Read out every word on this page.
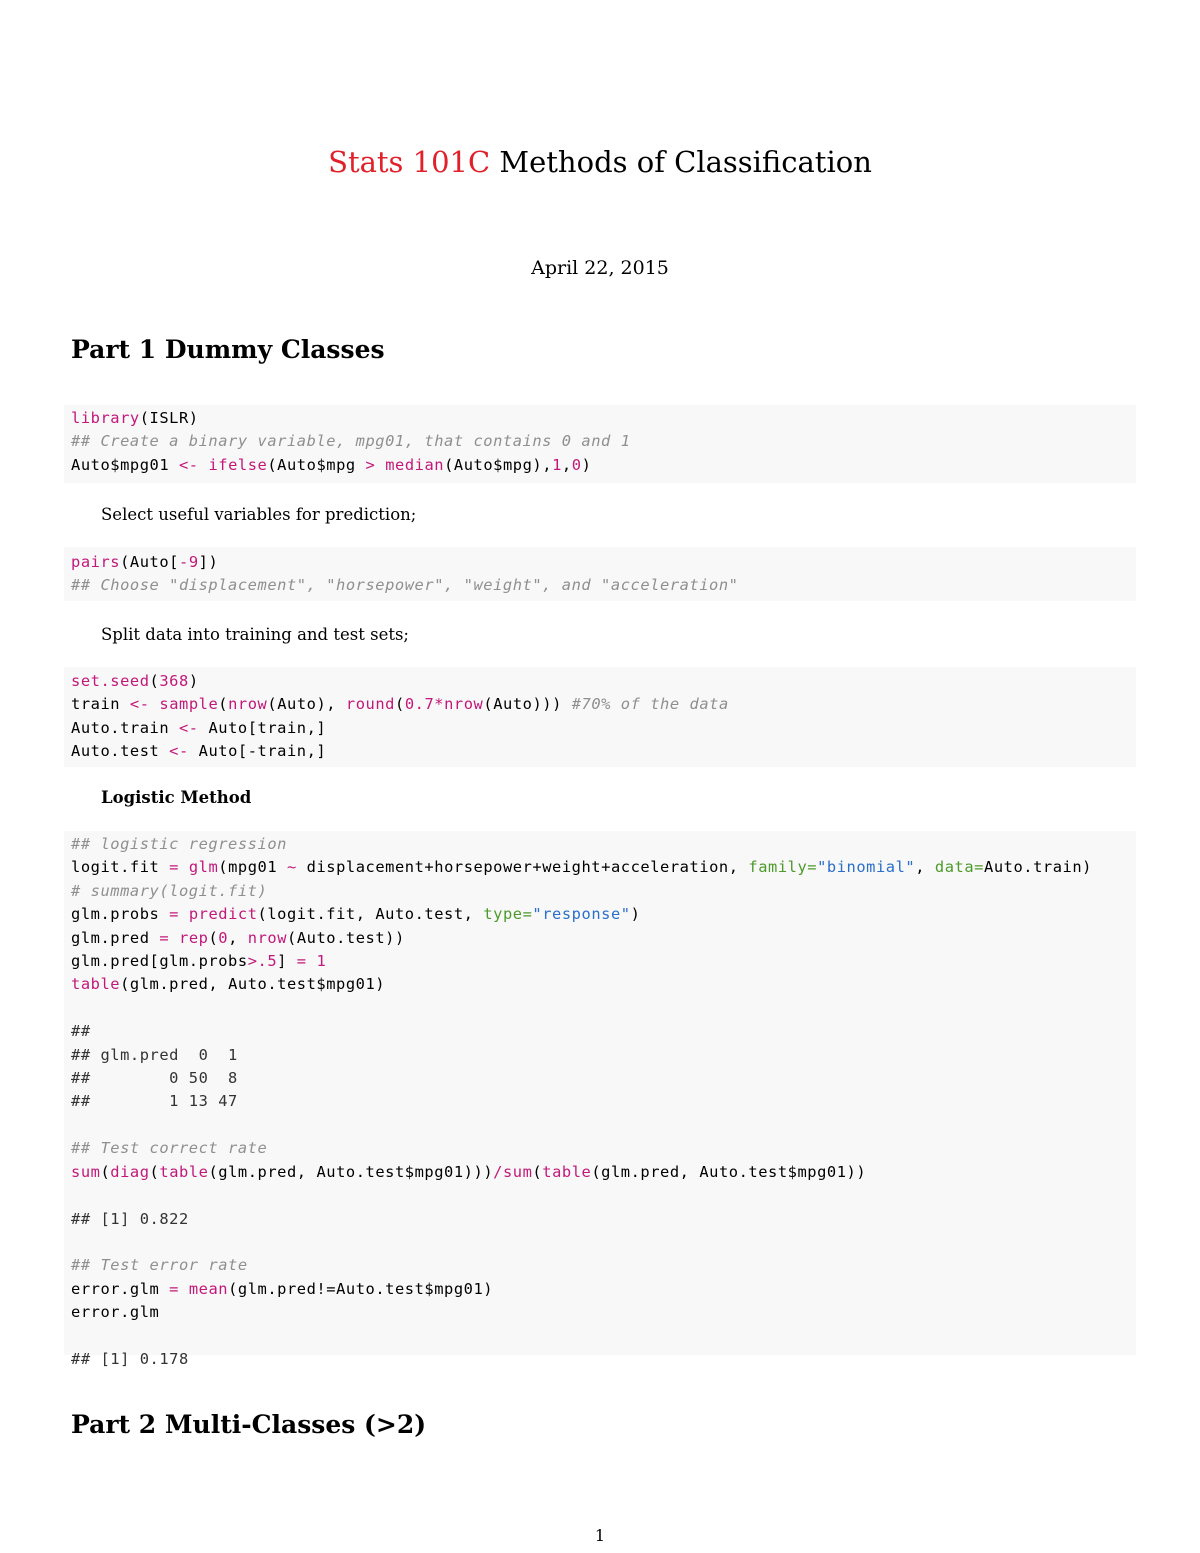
Stats 101C Methods of Classification
April 22, 2015
Part 1 Dummy Classes
library(ISLR)
## Create a binary variable, mpg01, that contains 0 and 1
Auto$mpg01 <- ifelse(Auto$mpg > median(Auto$mpg),1,0)

Select useful variables for prediction;

pairs(Auto[-9])
## Choose "displacement", "horsepower", "weight", and "acceleration"

Split data into training and test sets;

set.seed(368)
train <- sample(nrow(Auto), round(0.7*nrow(Auto))) #70% of the data
Auto.train <- Auto[train,]
Auto.test <- Auto[-train,]

Logistic Method

## logistic regression
logit.fit = glm(mpg01 ~ displacement+horsepower+weight+acceleration, family="binomial", data=Auto.train)
# summary(logit.fit)
glm.probs = predict(logit.fit, Auto.test, type="response")
glm.pred = rep(0, nrow(Auto.test))
glm.pred[glm.probs>.5] = 1
table(glm.pred, Auto.test$mpg01)

##
## glm.pred  0  1
##        0 50  8
##        1 13 47

## Test correct rate
sum(diag(table(glm.pred, Auto.test$mpg01)))/sum(table(glm.pred, Auto.test$mpg01))

## [1] 0.822

## Test error rate
error.glm = mean(glm.pred!=Auto.test$mpg01)
error.glm

## [1] 0.178
Part 2 Multi-Classes (>2)
1
